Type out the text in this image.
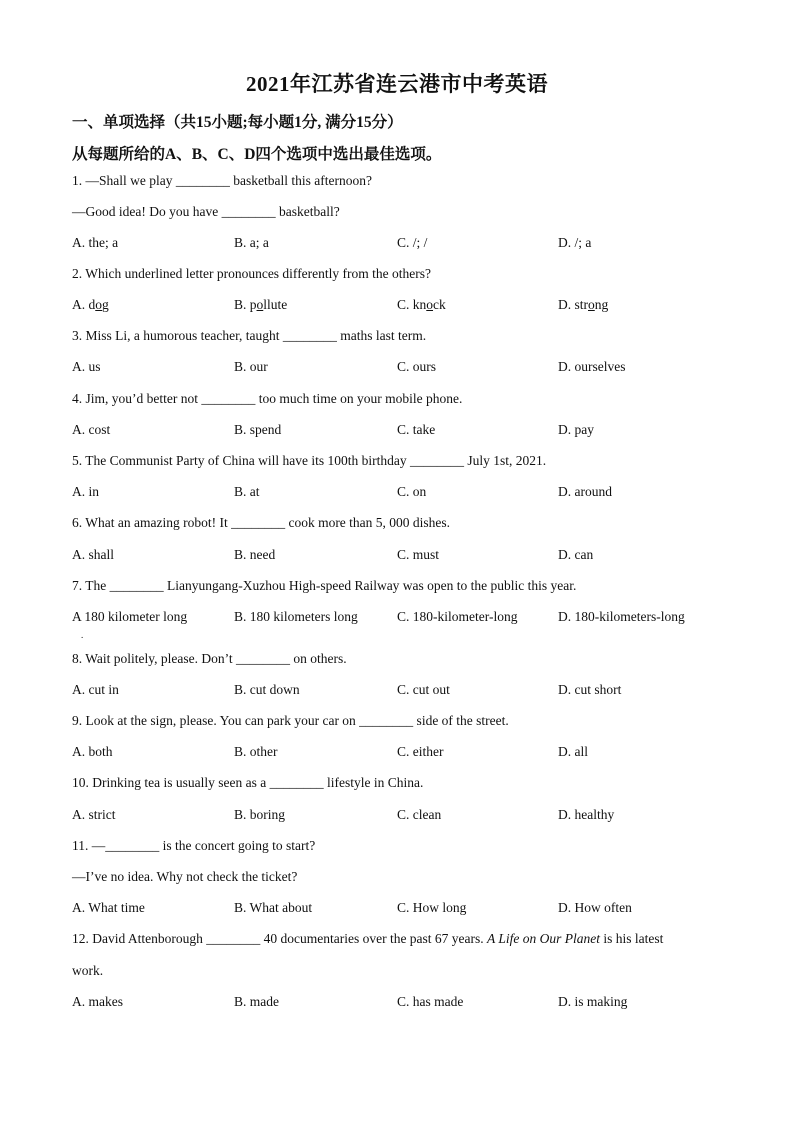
2021年江苏省连云港市中考英语
一、单项选择（共15小题;每小题1分, 满分15分）
从每题所给的A、B、C、D四个选项中选出最佳选项。
1. —Shall we play ________ basketball this afternoon?
—Good idea! Do you have ________ basketball?
A. the; a	B. a; a	C. /; /	D. /; a
2. Which underlined letter pronounces differently from the others?
A. dog	B. pollute	C. knock	D. strong
3. Miss Li, a humorous teacher, taught ________ maths last term.
A. us	B. our	C. ours	D. ourselves
4. Jim, you’d better not ________ too much time on your mobile phone.
A. cost	B. spend	C. take	D. pay
5. The Communist Party of China will have its 100th birthday ________ July 1st, 2021.
A. in	B. at	C. on	D. around
6. What an amazing robot! It ________ cook more than 5, 000 dishes.
A. shall	B. need	C. must	D. can
7. The ________ Lianyungang-Xuzhou High-speed Railway was open to the public this year.
A 180 kilometer long	B. 180 kilometers long	C. 180-kilometer-long	D. 180-kilometers-long
.
8. Wait politely, please. Don’t ________ on others.
A. cut in	B. cut down	C. cut out	D. cut short
9. Look at the sign, please. You can park your car on ________ side of the street.
A. both	B. other	C. either	D. all
10. Drinking tea is usually seen as a ________ lifestyle in China.
A. strict	B. boring	C. clean	D. healthy
11. —________ is the concert going to start?
—I’ve no idea. Why not check the ticket?
A. What time	B. What about	C. How long	D. How often
12. David Attenborough ________ 40 documentaries over the past 67 years. A Life on Our Planet is his latest
work.
A. makes	B. made	C. has made	D. is making
